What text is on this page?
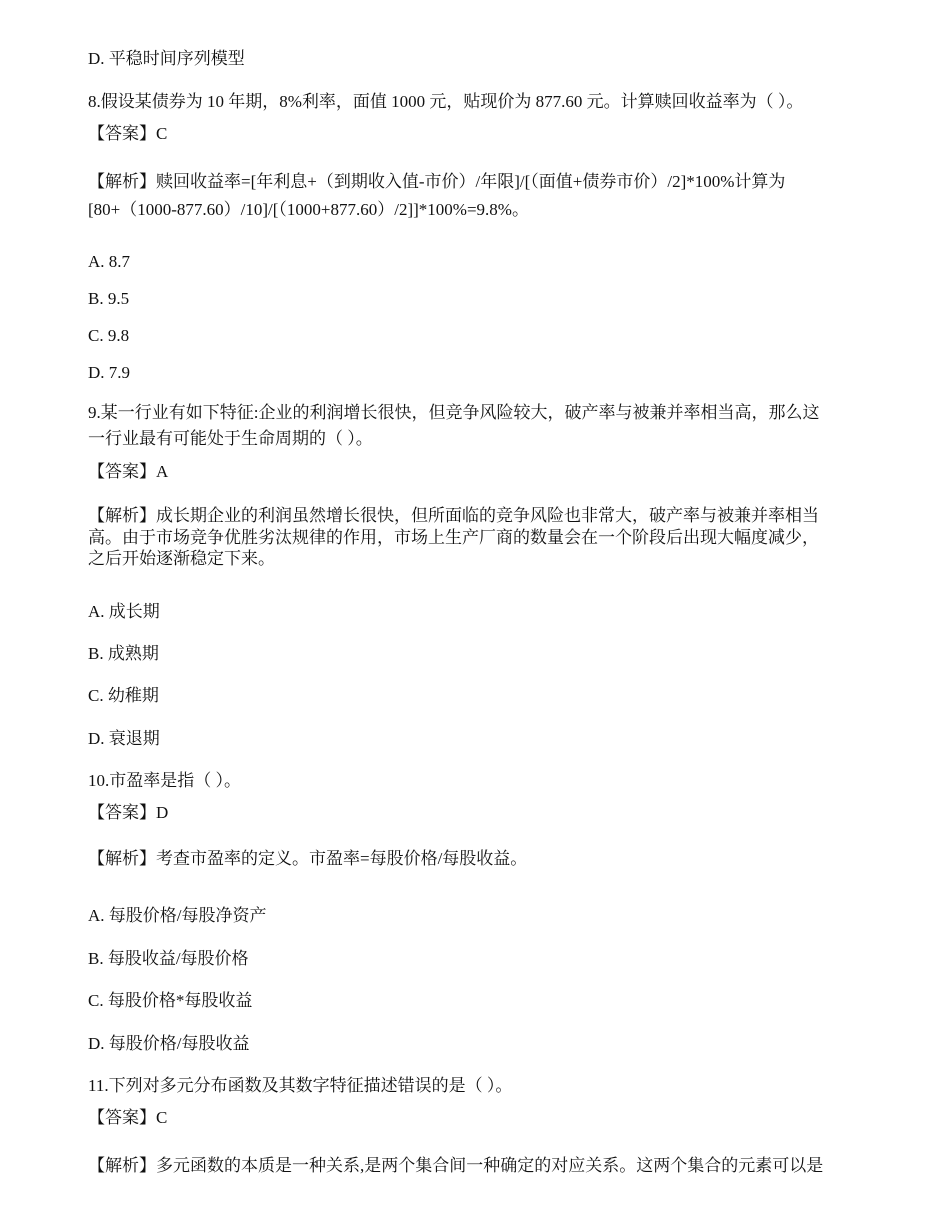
D. 平稳时间序列模型
8.假设某债券为 10 年期，8%利率，面值 1000 元，贴现价为 877.60 元。计算赎回收益率为（ ）。
【答案】C
【解析】赎回收益率=[年利息+（到期收入值-市价）/年限]/[（面值+债券市价）/2]*100%计算为
[80+（1000-877.60）/10]/[（1000+877.60）/2]]*100%=9.8%。
A. 8.7
B. 9.5
C. 9.8
D. 7.9
9.某一行业有如下特征:企业的利润增长很快，但竞争风险较大，破产率与被兼并率相当高，那么这
一行业最有可能处于生命周期的（ ）。
【答案】A
【解析】成长期企业的利润虽然增长很快，但所面临的竞争风险也非常大，破产率与被兼并率相当
高。由于市场竞争优胜劣汰规律的作用，市场上生产厂商的数量会在一个阶段后出现大幅度减少，
之后开始逐渐稳定下来。
A. 成长期
B. 成熟期
C. 幼稚期
D. 衰退期
10.市盈率是指（ ）。
【答案】D
【解析】考查市盈率的定义。市盈率=每股价格/每股收益。
A. 每股价格/每股净资产
B. 每股收益/每股价格
C. 每股价格*每股收益
D. 每股价格/每股收益
11.下列对多元分布函数及其数字特征描述错误的是（ ）。
【答案】C
【解析】多元函数的本质是一种关系,是两个集合间一种确定的对应关系。这两个集合的元素可以是
